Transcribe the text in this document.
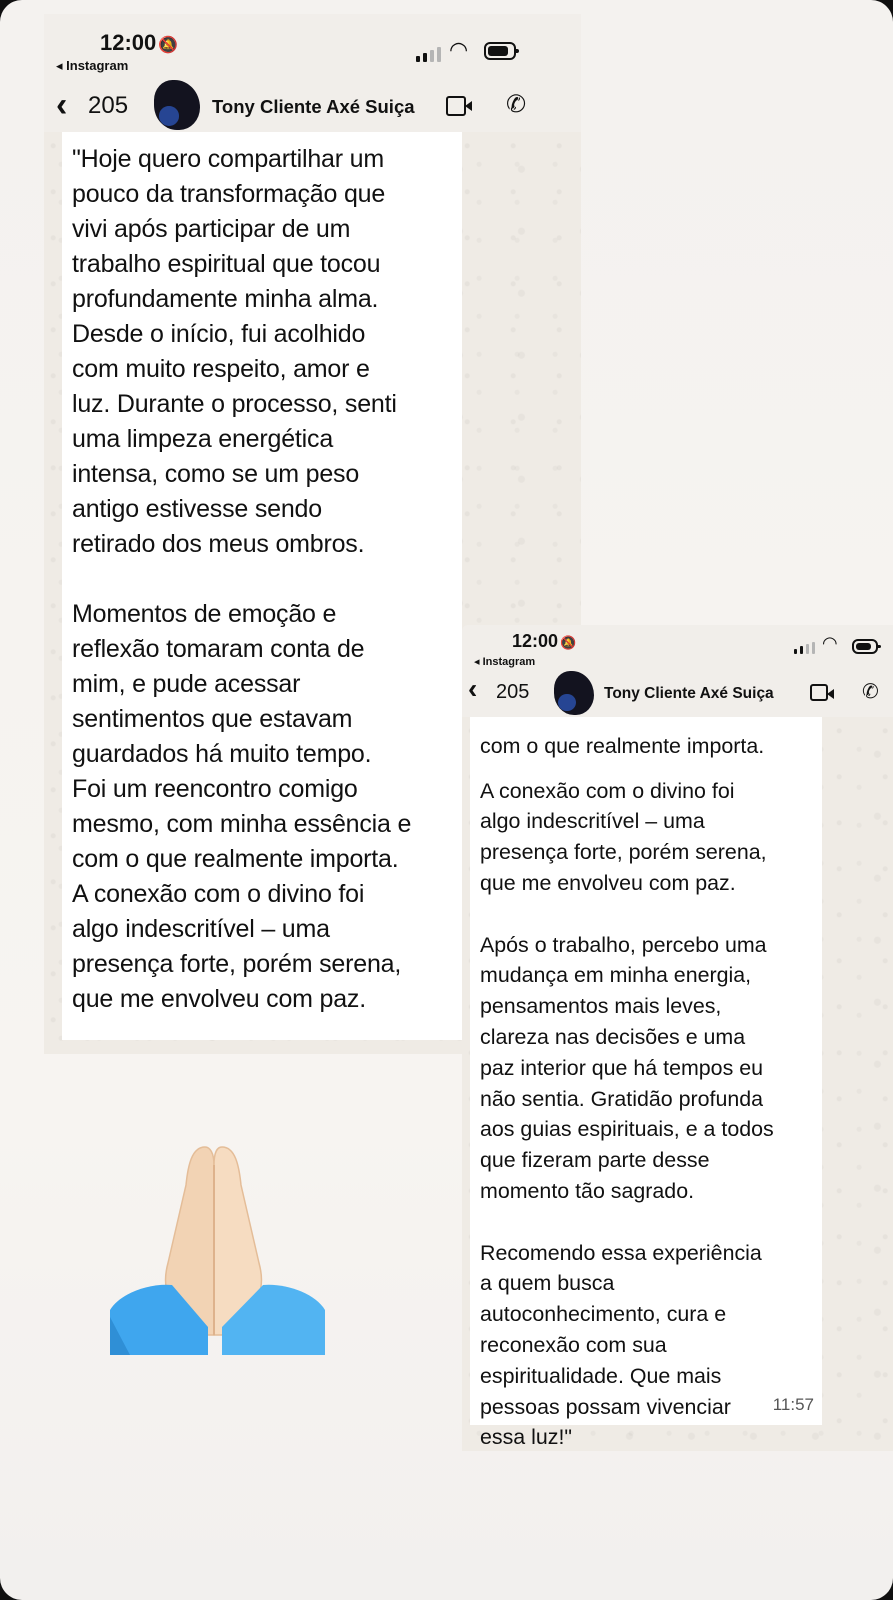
12:00 🔕
◂ Instagram
◠
‹ 205	Tony Cliente Axé Suiça	✆
"Hoje quero compartilhar um
pouco da transformação que
vivi após participar de um
trabalho espiritual que tocou
profundamente minha alma.
Desde o início, fui acolhido
com muito respeito, amor e
luz. Durante o processo, senti
uma limpeza energética
intensa, como se um peso
antigo estivesse sendo
retirado dos meus ombros.

Momentos de emoção e
reflexão tomaram conta de
mim, e pude acessar
sentimentos que estavam
guardados há muito tempo.
Foi um reencontro comigo
mesmo, com minha essência e
com o que realmente importa.
A conexão com o divino foi
algo indescritível – uma
presença forte, porém serena,
que me envolveu com paz.
12:00 🔕
◂ Instagram
◠
‹ 205	Tony Cliente Axé Suiça	✆

com o que realmente importa.

A conexão com o divino foi
algo indescritível – uma
presença forte, porém serena,
que me envolveu com paz.

Após o trabalho, percebo uma
mudança em minha energia,
pensamentos mais leves,
clareza nas decisões e uma
paz interior que há tempos eu
não sentia. Gratidão profunda
aos guias espirituais, e a todos
que fizeram parte desse
momento tão sagrado.

Recomendo essa experiência
a quem busca
autoconhecimento, cura e
reconexão com sua
espiritualidade. Que mais
pessoas possam vivenciar
essa luz!"

11:57
